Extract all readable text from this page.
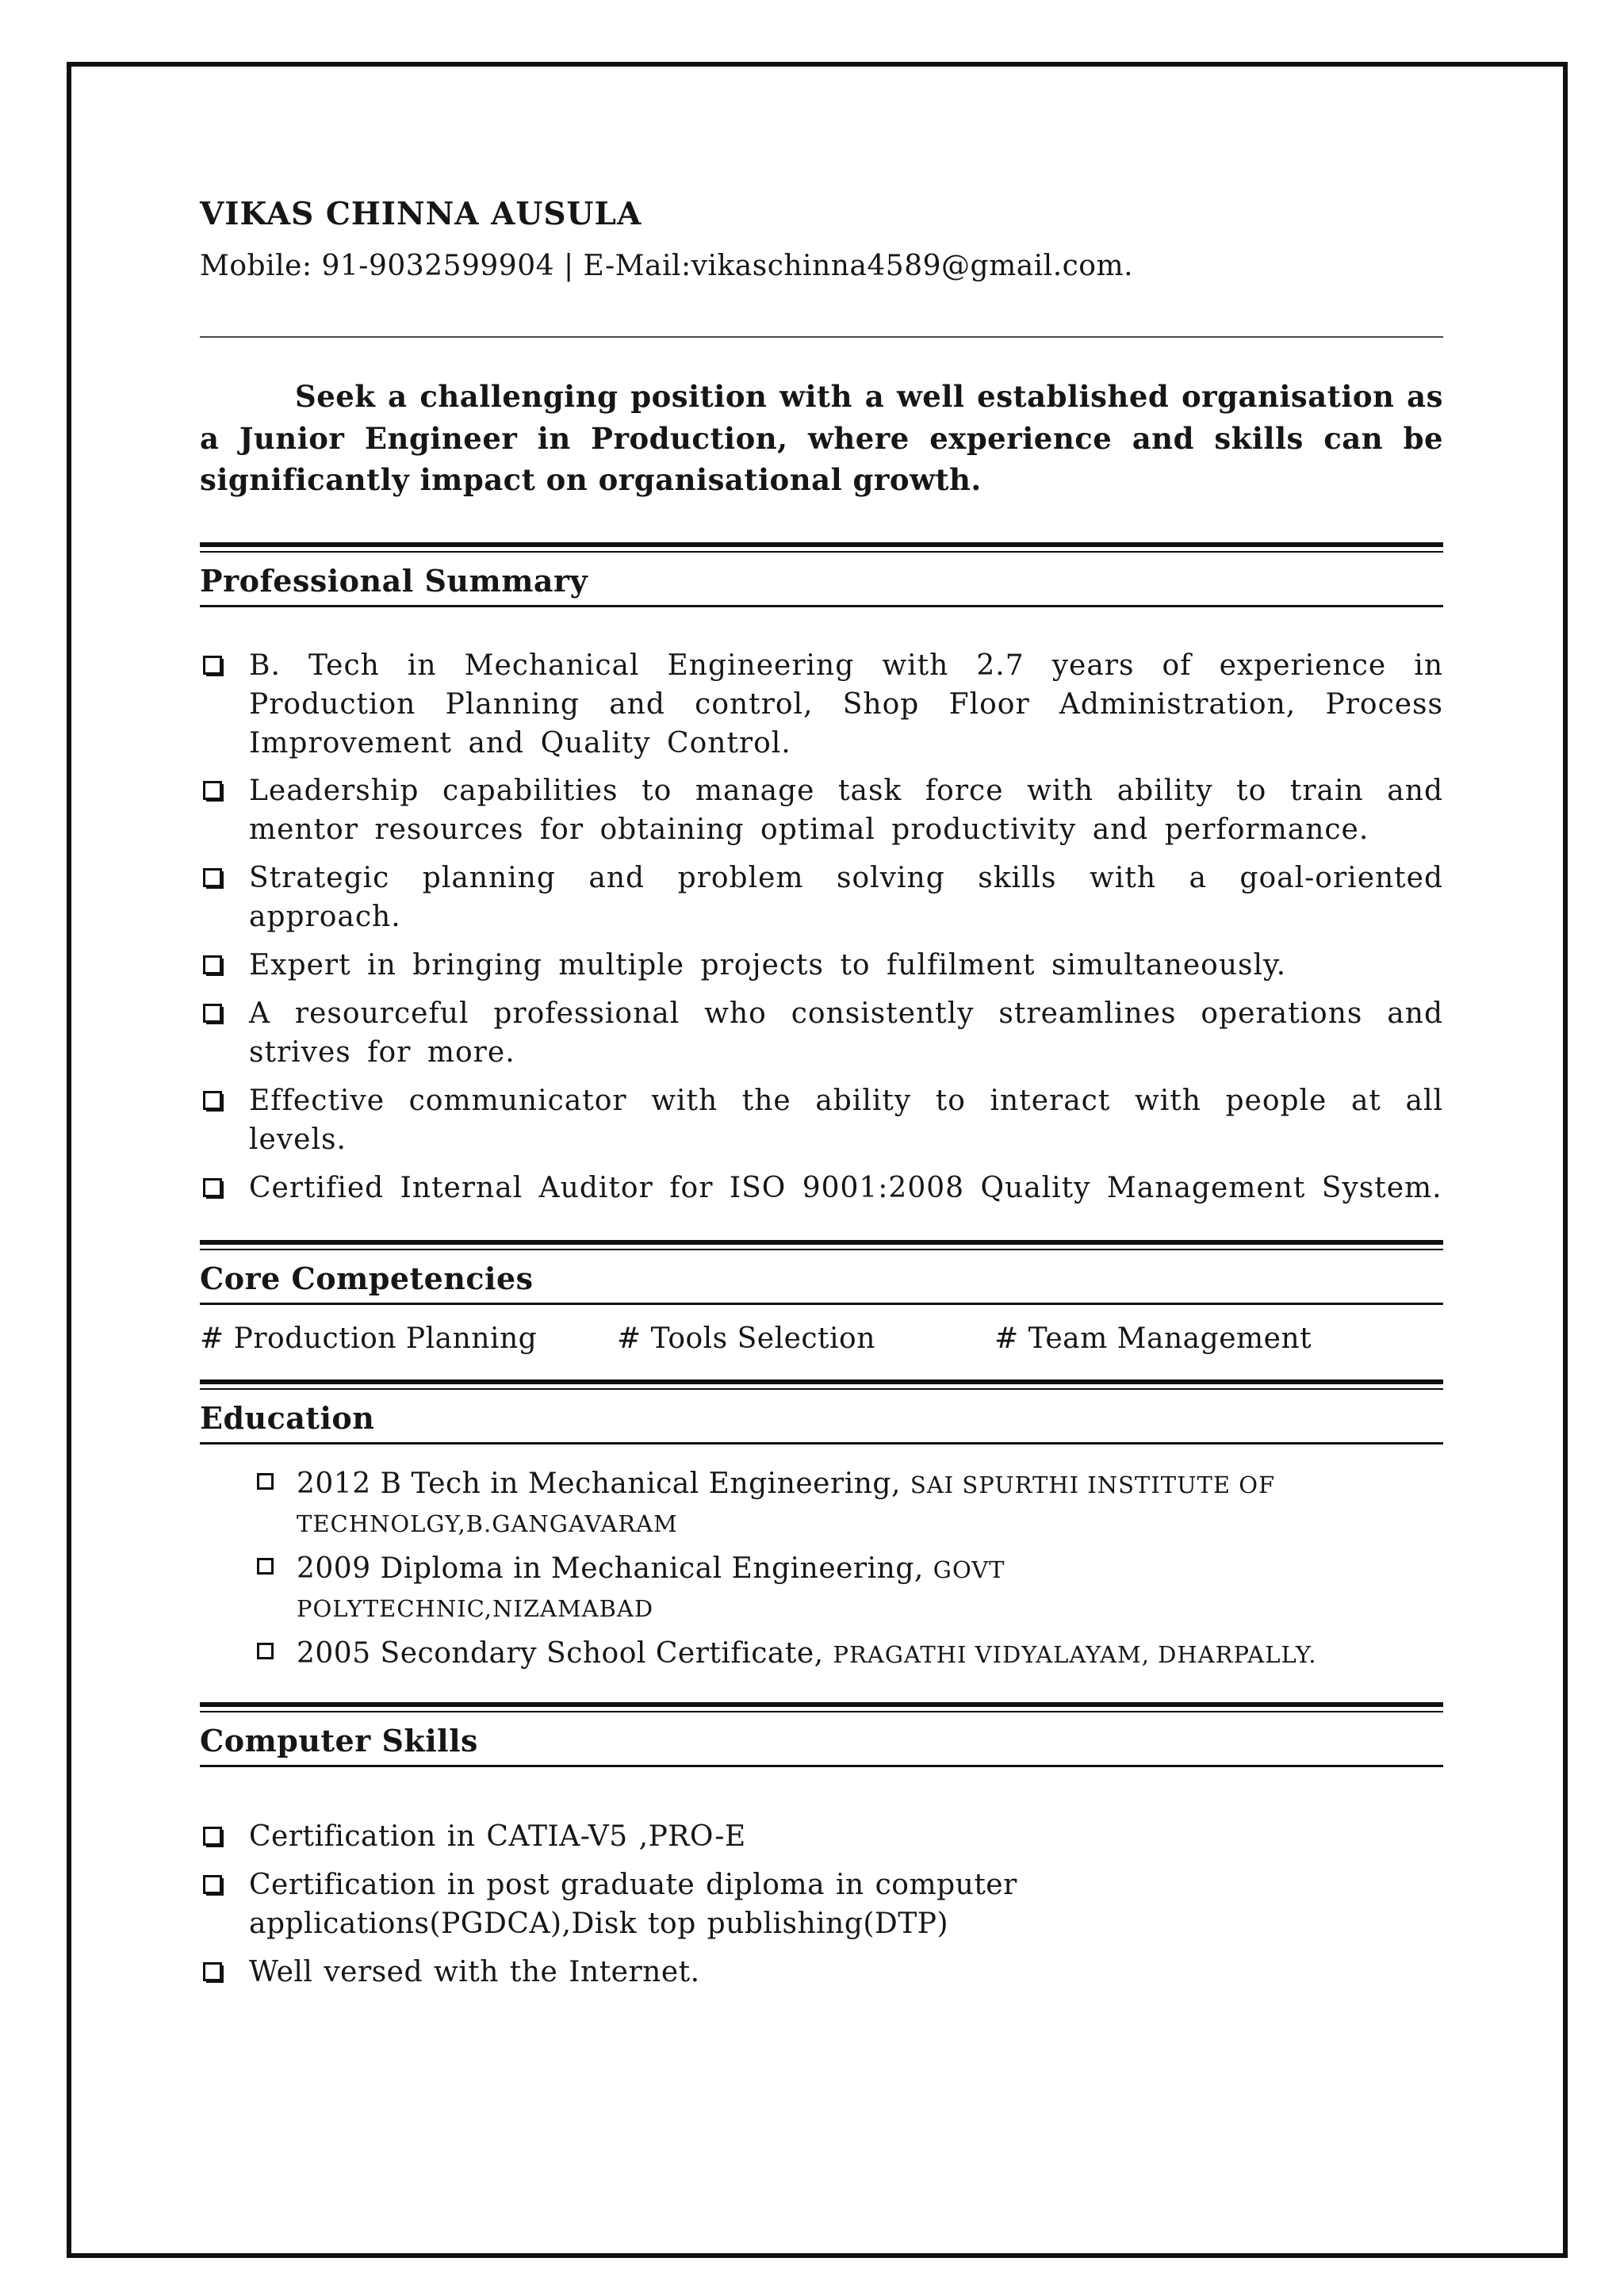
VIKAS CHINNA AUSULA
Mobile: 91-9032599904 | E-Mail:vikaschinna4589@gmail.com.

Seek a challenging position with a well established organisation as a Junior Engineer in Production, where experience and skills can be significantly impact on organisational growth.

Professional Summary
B. Tech in Mechanical Engineering with 2.7 years of experience in Production Planning and control, Shop Floor Administration, Process Improvement and Quality Control.
Leadership capabilities to manage task force with ability to train and mentor resources for obtaining optimal productivity and performance.
Strategic planning and problem solving skills with a goal-oriented approach.
Expert in bringing multiple projects to fulfilment simultaneously.
A resourceful professional who consistently streamlines operations and strives for more.
Effective communicator with the ability to interact with people at all levels.
Certified Internal Auditor for ISO 9001:2008 Quality Management System.
Core Competencies
# Production Planning	# Tools Selection	# Team Management
Education
2012 B Tech in Mechanical Engineering, SAI SPURTHI INSTITUTE OF
TECHNOLGY,B.GANGAVARAM
2009 Diploma in Mechanical Engineering, GOVT
POLYTECHNIC,NIZAMABAD
2005 Secondary School Certificate, PRAGATHI VIDYALAYAM, DHARPALLY.
Computer Skills
Certification in CATIA-V5 ,PRO-E
Certification in post graduate diploma in computer applications(PGDCA),Disk top publishing(DTP)
Well versed with the Internet.
